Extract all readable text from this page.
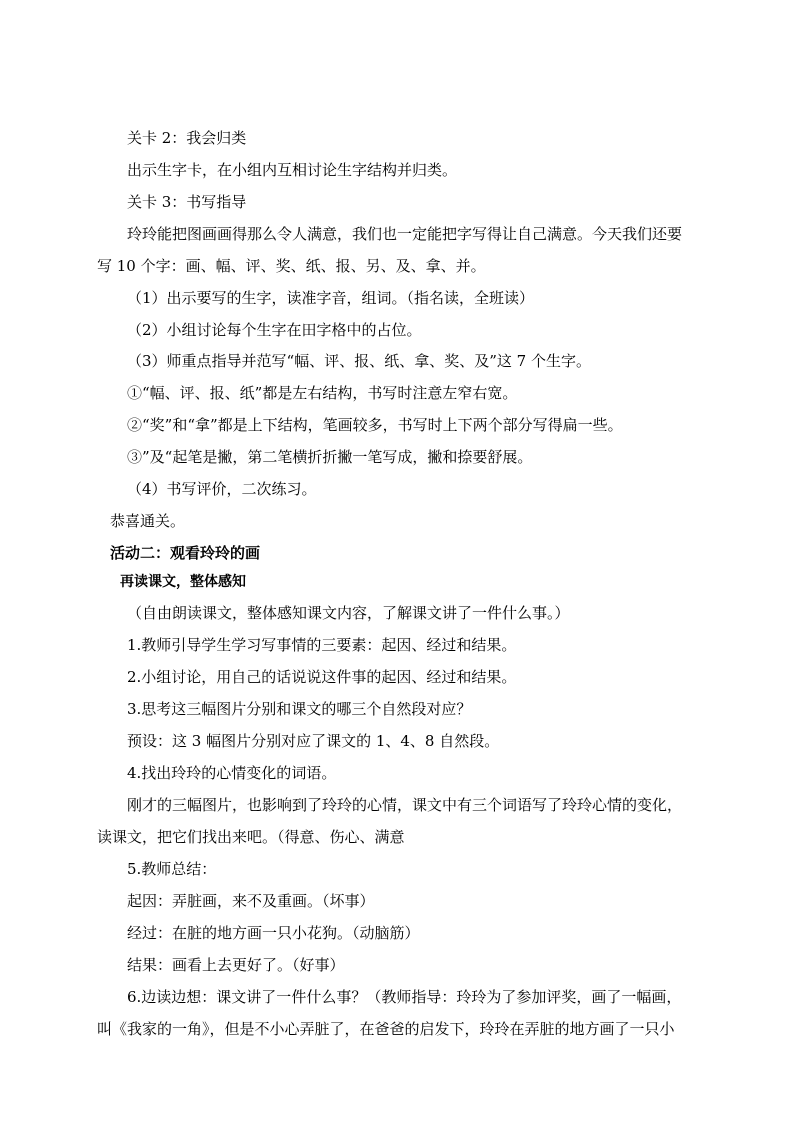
关卡 2：我会归类
出示生字卡，在小组内互相讨论生字结构并归类。
关卡 3：书写指导
玲玲能把图画画得那么令人满意，我们也一定能把字写得让自己满意。今天我们还要
写 10 个字：画、幅、评、奖、纸、报、另、及、拿、并。
（1）出示要写的生字，读准字音，组词。（指名读，全班读）
（2）小组讨论每个生字在田字格中的占位。
（3）师重点指导并范写“幅、评、报、纸、拿、奖、及”这 7 个生字。
①“幅、评、报、纸”都是左右结构，书写时注意左窄右宽。
②“奖”和“拿”都是上下结构，笔画较多，书写时上下两个部分写得扁一些。
③”及“起笔是撇，第二笔横折折撇一笔写成，撇和捺要舒展。
（4）书写评价，二次练习。
恭喜通关。
活动二：观看玲玲的画
再读课文，整体感知
（自由朗读课文，整体感知课文内容，了解课文讲了一件什么事。）
1.教师引导学生学习写事情的三要素：起因、经过和结果。
2.小组讨论，用自己的话说说这件事的起因、经过和结果。
3.思考这三幅图片分别和课文的哪三个自然段对应？
预设：这 3 幅图片分别对应了课文的 1、4、8 自然段。
4.找出玲玲的心情变化的词语。
刚才的三幅图片，也影响到了玲玲的心情，课文中有三个词语写了玲玲心情的变化，
读课文，把它们找出来吧。（得意、伤心、满意
5.教师总结：
起因：弄脏画，来不及重画。（坏事）
经过：在脏的地方画一只小花狗。（动脑筋）
结果：画看上去更好了。（好事）
6.边读边想：课文讲了一件什么事？（教师指导：玲玲为了参加评奖，画了一幅画，
叫《我家的一角》，但是不小心弄脏了，在爸爸的启发下，玲玲在弄脏的地方画了一只小
